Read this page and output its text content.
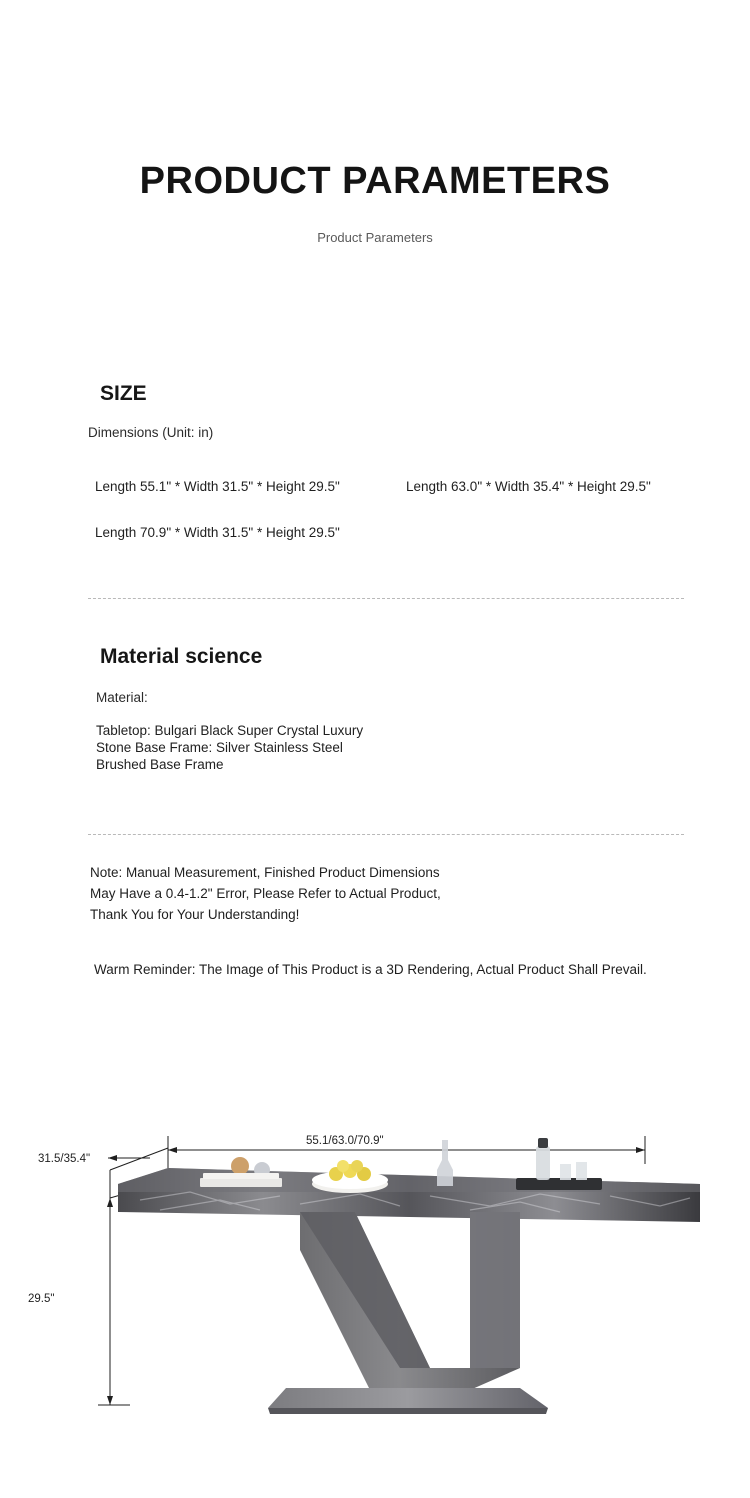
PRODUCT PARAMETERS
Product Parameters
SIZE
Dimensions (Unit: in)
Length 55.1" * Width 31.5" * Height 29.5"	Length 63.0" * Width 35.4" * Height 29.5"
Length 70.9" * Width 31.5" * Height 29.5"
Material science
Material:
Tabletop: Bulgari Black Super Crystal Luxury Stone Base Frame: Silver Stainless Steel Brushed Base Frame
Note: Manual Measurement, Finished Product Dimensions May Have a 0.4-1.2" Error, Please Refer to Actual Product, Thank You for Your Understanding!
Warm Reminder: The Image of This Product is a 3D Rendering, Actual Product Shall Prevail.
55.1/63.0/70.9"
31.5/35.4"
29.5"
